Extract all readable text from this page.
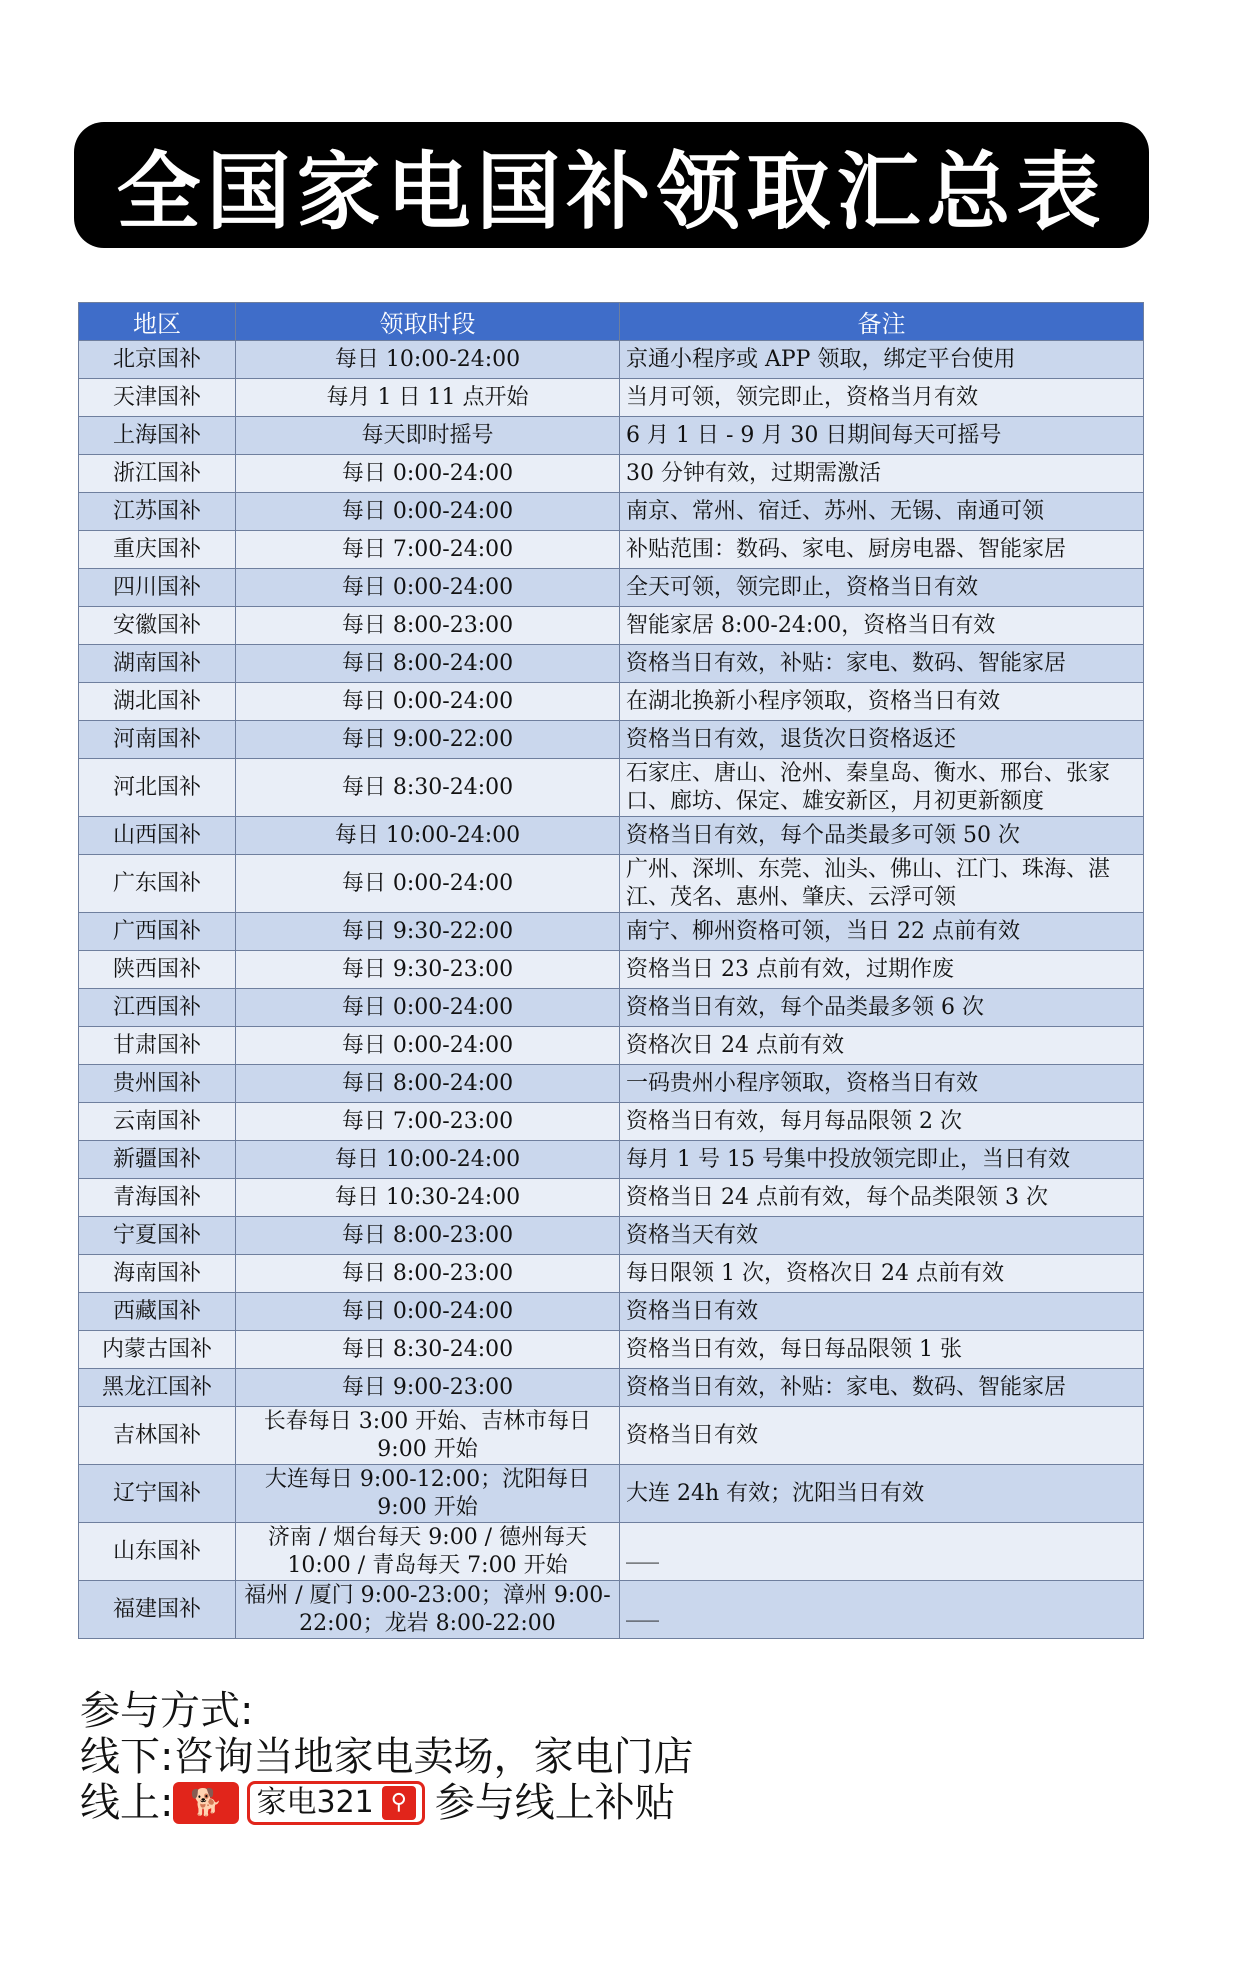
全国家电国补领取汇总表
地区	领取时段	备注
北京国补	每日 10:00-24:00	京通小程序或 APP 领取，绑定平台使用
天津国补	每月 1 日 11 点开始	当月可领，领完即止，资格当月有效
上海国补	每天即时摇号	6 月 1 日 - 9 月 30 日期间每天可摇号
浙江国补	每日 0:00-24:00	30 分钟有效，过期需激活
江苏国补	每日 0:00-24:00	南京、常州、宿迁、苏州、无锡、南通可领
重庆国补	每日 7:00-24:00	补贴范围：数码、家电、厨房电器、智能家居
四川国补	每日 0:00-24:00	全天可领，领完即止，资格当日有效
安徽国补	每日 8:00-23:00	智能家居 8:00-24:00，资格当日有效
湖南国补	每日 8:00-24:00	资格当日有效，补贴：家电、数码、智能家居
湖北国补	每日 0:00-24:00	在湖北换新小程序领取，资格当日有效
河南国补	每日 9:00-22:00	资格当日有效，退货次日资格返还
河北国补	每日 8:30-24:00	石家庄、唐山、沧州、秦皇岛、衡水、邢台、张家口、廊坊、保定、雄安新区，月初更新额度
山西国补	每日 10:00-24:00	资格当日有效，每个品类最多可领 50 次
广东国补	每日 0:00-24:00	广州、深圳、东莞、汕头、佛山、江门、珠海、湛江、茂名、惠州、肇庆、云浮可领
广西国补	每日 9:30-22:00	南宁、柳州资格可领，当日 22 点前有效
陕西国补	每日 9:30-23:00	资格当日 23 点前有效，过期作废
江西国补	每日 0:00-24:00	资格当日有效，每个品类最多领 6 次
甘肃国补	每日 0:00-24:00	资格次日 24 点前有效
贵州国补	每日 8:00-24:00	一码贵州小程序领取，资格当日有效
云南国补	每日 7:00-23:00	资格当日有效，每月每品限领 2 次
新疆国补	每日 10:00-24:00	每月 1 号 15 号集中投放领完即止，当日有效
青海国补	每日 10:30-24:00	资格当日 24 点前有效，每个品类限领 3 次
宁夏国补	每日 8:00-23:00	资格当天有效
海南国补	每日 8:00-23:00	每日限领 1 次，资格次日 24 点前有效
西藏国补	每日 0:00-24:00	资格当日有效
内蒙古国补	每日 8:30-24:00	资格当日有效，每日每品限领 1 张
黑龙江国补	每日 9:00-23:00	资格当日有效，补贴：家电、数码、智能家居
吉林国补	长春每日 3:00 开始、吉林市每日 9:00 开始	资格当日有效
辽宁国补	大连每日 9:00-12:00；沈阳每日 9:00 开始	大连 24h 有效；沈阳当日有效
山东国补	济南 / 烟台每天 9:00 / 德州每天 10:00 / 青岛每天 7:00 开始	___
福建国补	福州 / 厦门 9:00-23:00；漳州 9:00-22:00；龙岩 8:00-22:00	___
参与方式:
线下:咨询当地家电卖场，家电门店
线上: 🐕	家电321 ⚲ 参与线上补贴
